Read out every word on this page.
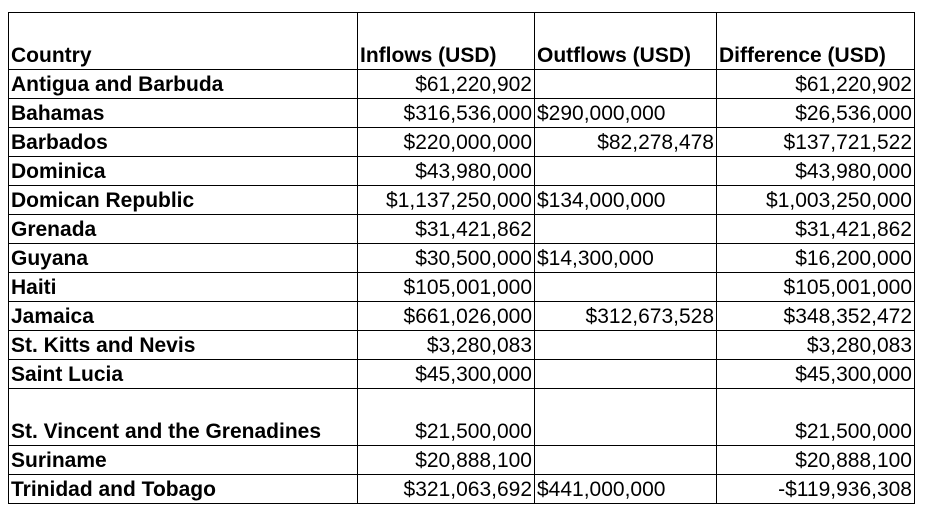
Country	Inflows (USD)	Outflows (USD)	Difference (USD)
Antigua and Barbuda	$61,220,902		$61,220,902
Bahamas	$316,536,000	$290,000,000	$26,536,000
Barbados	$220,000,000	$82,278,478	$137,721,522
Dominica	$43,980,000		$43,980,000
Domican Republic	$1,137,250,000	$134,000,000	$1,003,250,000
Grenada	$31,421,862		$31,421,862
Guyana	$30,500,000	$14,300,000	$16,200,000
Haiti	$105,001,000		$105,001,000
Jamaica	$661,026,000	$312,673,528	$348,352,472
St. Kitts and Nevis	$3,280,083		$3,280,083
Saint Lucia	$45,300,000		$45,300,000
St. Vincent and the Grenadines	$21,500,000		$21,500,000
Suriname	$20,888,100		$20,888,100
Trinidad and Tobago	$321,063,692	$441,000,000	-$119,936,308
